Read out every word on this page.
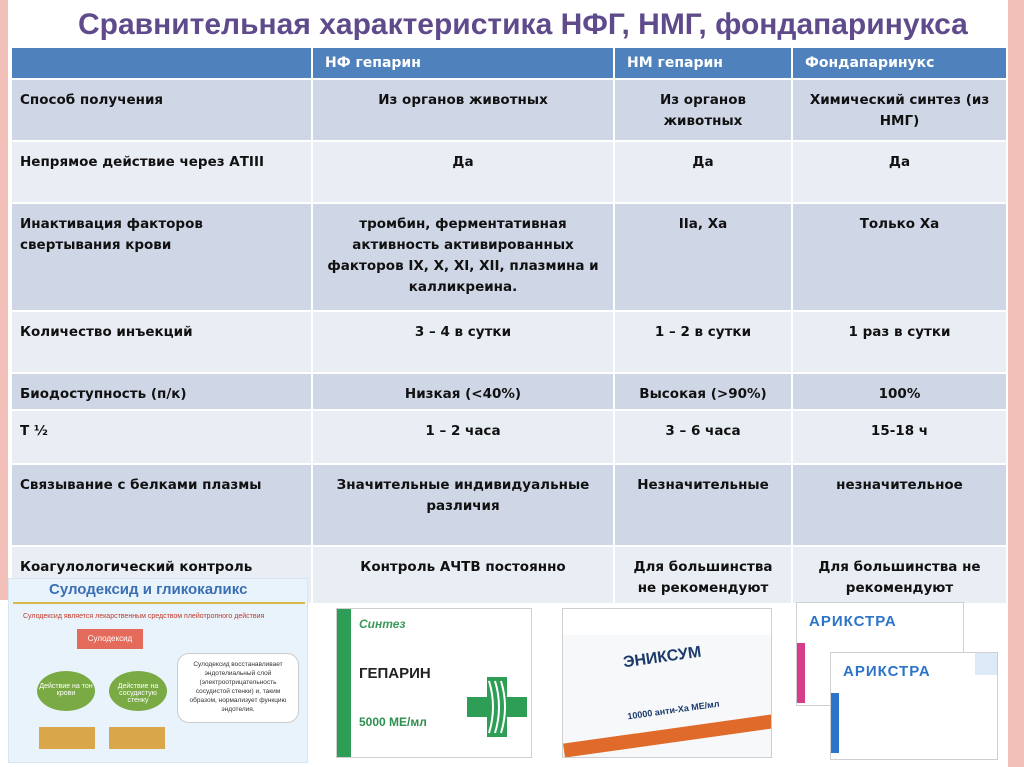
Сравнительная характеристика НФГ, НМГ, фондапаринукса
	НФ гепарин	НМ гепарин	Фондапаринукс
Способ получения	Из органов животных	Из органов животных	Химический синтез (из НМГ)
Непрямое действие через АТIII	Да	Да	Да
Инактивация факторов свертывания крови	тромбин, ферментативная активность активированных факторов IX, X, XI, XII, плазмина и калликреина.	IIa, Xa	Только Xa
Количество инъекций	3 – 4 в сутки	1 – 2 в сутки	1 раз в сутки
Биодоступность (п/к)	Низкая (<40%)	Высокая (>90%)	100%
Т ½	1 – 2 часа	3 – 6 часа	15-18 ч
Связывание с белками плазмы	Значительные индивидуальные различия	Незначительные	незначительное
Коагулологический контроль	Контроль АЧТВ постоянно	Для большинства не рекомендуют	Для большинства не рекомендуют
Сулодексид и гликокаликс
Сулодексид является лекарственным средством плейотропного действия
Сулодексид
Действие на тон крови
Действие на сосудистую стенку
Сулодексид восстанавливает эндотелиальный слой (электроотрицательность сосудистой стенки) и, таким образом, нормализует функцию эндотелия.
Синтез
ГЕПАРИН
5000 МЕ/мл
ЭНИКСУМ
10000 анти-Ха МЕ/мл
АРИКСТРА
АРИКСТРА
